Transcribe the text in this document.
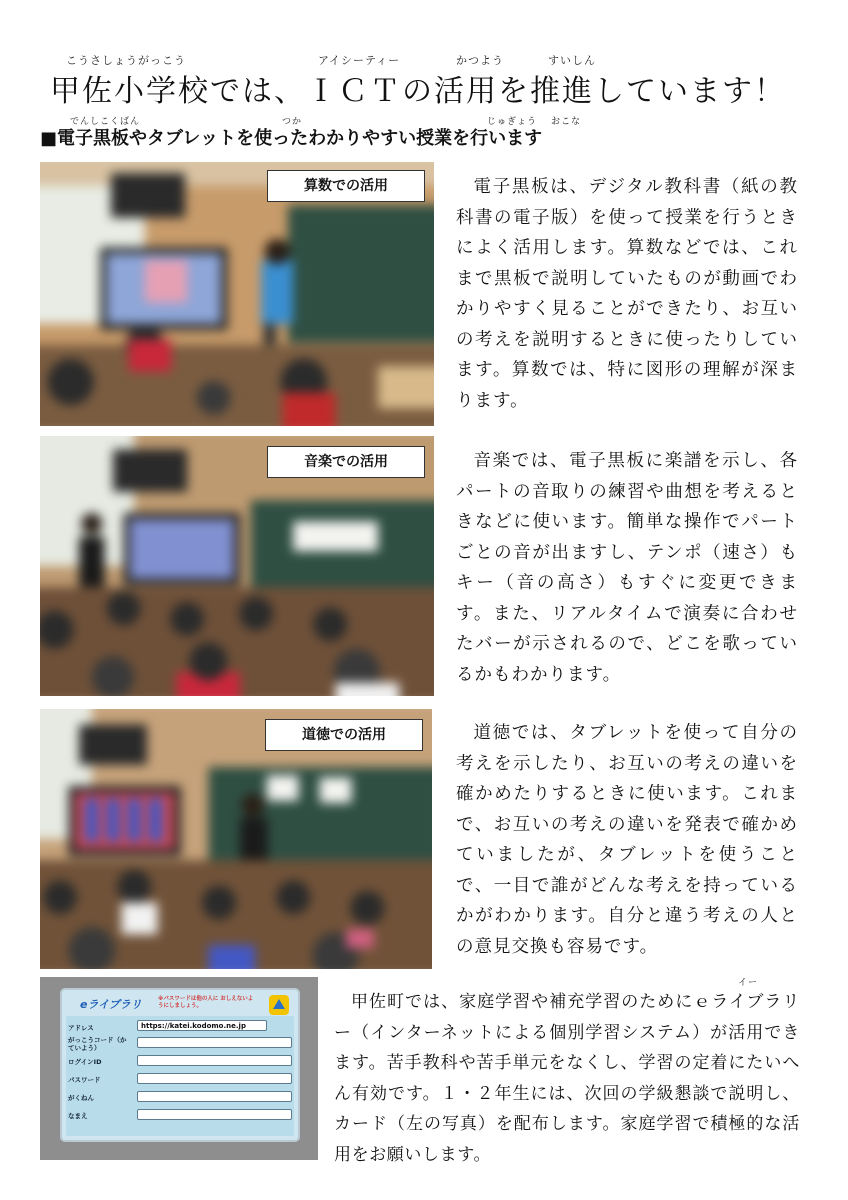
こうさしょうがっこう	アイシーティー	かつよう	すいしん
甲佐小学校では、ＩＣＴの活用を推進しています！
でんしこくばん	つか	じゅぎょう おこな
■電子黒板やタブレットを使ったわかりやすい授業を行います
算数での活用	電子黒板は、デジタル教科書（紙の教科書の電子版）を使って授業を行うときによく活用します。算数などでは、これまで黒板で説明していたものが動画でわかりやすく見ることができたり、お互いの考えを説明するときに使ったりしています。算数では、特に図形の理解が深まります。
音楽での活用	音楽では、電子黒板に楽譜を示し、各パートの音取りの練習や曲想を考えるときなどに使います。簡単な操作でパートごとの音が出ますし、テンポ（速さ）もキー（音の高さ）もすぐに変更できます。また、リアルタイムで演奏に合わせたバーが示されるので、どこを歌っているかもわかります。
道徳での活用	道徳では、タブレットを使って自分の考えを示したり、お互いの考えの違いを確かめたりするときに使います。これまで、お互いの考えの違いを発表で確かめていましたが、タブレットを使うことで、一目で誰がどんな考えを持っているかがわかります。自分と違う考えの人との意見交換も容易です。
eライブラリ	※パスワードは他の人に おしえないようにしましょう。
アドレス	https://katei.kodomo.ne.jp
がっこうコード（かていよう）
ログインID
パスワード
がくねん
なまえ
イー
甲佐町では、家庭学習や補充学習のためにｅライブラリー（インターネットによる個別学習システム）が活用できます。苦手教科や苦手単元をなくし、学習の定着にたいへん有効です。１・２年生には、次回の学級懇談で説明し、カード（左の写真）を配布します。家庭学習で積極的な活用をお願いします。
